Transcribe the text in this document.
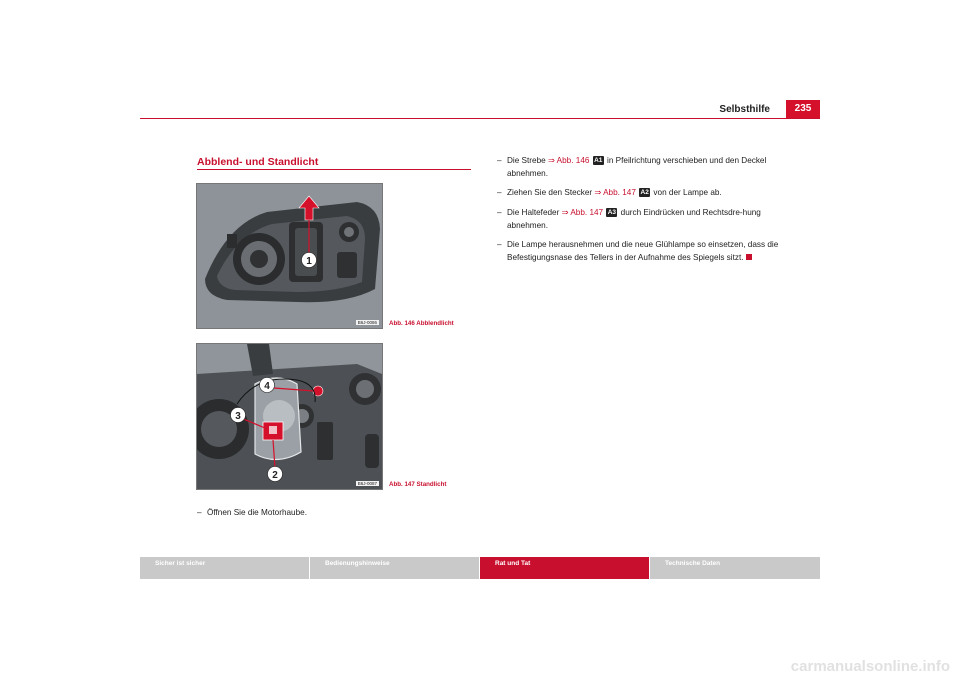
Selbsthilfe	235
Abblend- und Standlicht
1
B6J-0086	Abb. 146 Abblendlicht
4
3
2
B6J-0087	Abb. 147 Standlicht
– Öffnen Sie die Motorhaube.
– Die Strebe ⇒ Abb. 146 A1 in Pfeilrichtung verschieben und den Deckel abnehmen.
– Ziehen Sie den Stecker ⇒ Abb. 147 A2 von der Lampe ab.
– Die Haltefeder ⇒ Abb. 147 A3 durch Eindrücken und Rechtsdre-hung abnehmen.
– Die Lampe herausnehmen und die neue Glühlampe so einsetzen, dass die Befestigungsnase des Tellers in der Aufnahme des Spiegels sitzt.
Sicher ist sicher	Bedienungshinweise	Rat und Tat	Technische Daten
carmanualsonline.info
